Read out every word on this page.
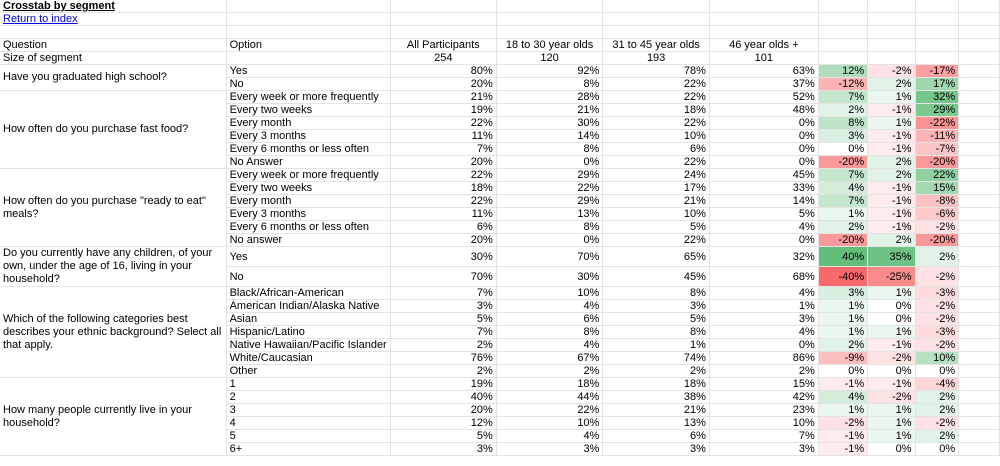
Crosstab by segment									
Return to index									

Question	Option	All Participants	18 to 30 year olds	31 to 45 year olds	46 year olds +				
Size of segment		254	120	193	101				
Have you graduated high school?	Yes	80%	92%	78%	63%	12%	-2%	-17%	
	No	20%	8%	22%	37%	-12%	2%	17%	
How often do you purchase fast food?	Every week or more frequently	21%	28%	22%	52%	7%	1%	32%	
	Every two weeks	19%	21%	18%	48%	2%	-1%	29%	
	Every month	22%	30%	22%	0%	8%	1%	-22%	
	Every 3 months	11%	14%	10%	0%	3%	-1%	-11%	
	Every 6 months or less often	7%	8%	6%	0%	0%	-1%	-7%	
	No Answer	20%	0%	22%	0%	-20%	2%	-20%	
How often do you purchase "ready to eat" meals?	Every week or more frequently	22%	29%	24%	45%	7%	2%	22%	
	Every two weeks	18%	22%	17%	33%	4%	-1%	15%	
	Every month	22%	29%	21%	14%	7%	-1%	-8%	
	Every 3 months	11%	13%	10%	5%	1%	-1%	-6%	
	Every 6 months or less often	6%	8%	5%	4%	2%	-1%	-2%	
	No answer	20%	0%	22%	0%	-20%	2%	-20%	
Do you currently have any children, of your own, under the age of 16, living in your household?	Yes	30%	70%	65%	32%	40%	35%	2%	
	No	70%	30%	45%	68%	-40%	-25%	-2%	
Which of the following categories best describes your ethnic background? Select all that apply.	Black/African-American	7%	10%	8%	4%	3%	1%	-3%	
	American Indian/Alaska Native	3%	4%	3%	1%	1%	0%	-2%	
	Asian	5%	6%	5%	3%	1%	0%	-2%	
	Hispanic/Latino	7%	8%	8%	4%	1%	1%	-3%	
	Native Hawaiian/Pacific Islander	2%	4%	1%	0%	2%	-1%	-2%	
	White/Caucasian	76%	67%	74%	86%	-9%	-2%	10%	
	Other	2%	2%	2%	2%	0%	0%	0%	
How many people currently live in your household?	1	19%	18%	18%	15%	-1%	-1%	-4%	
	2	40%	44%	38%	42%	4%	-2%	2%	
	3	20%	22%	21%	23%	1%	1%	2%	
	4	12%	10%	13%	10%	-2%	1%	-2%	
	5	5%	4%	6%	7%	-1%	1%	2%	
	6+	3%	3%	3%	3%	-1%	0%	0%	
